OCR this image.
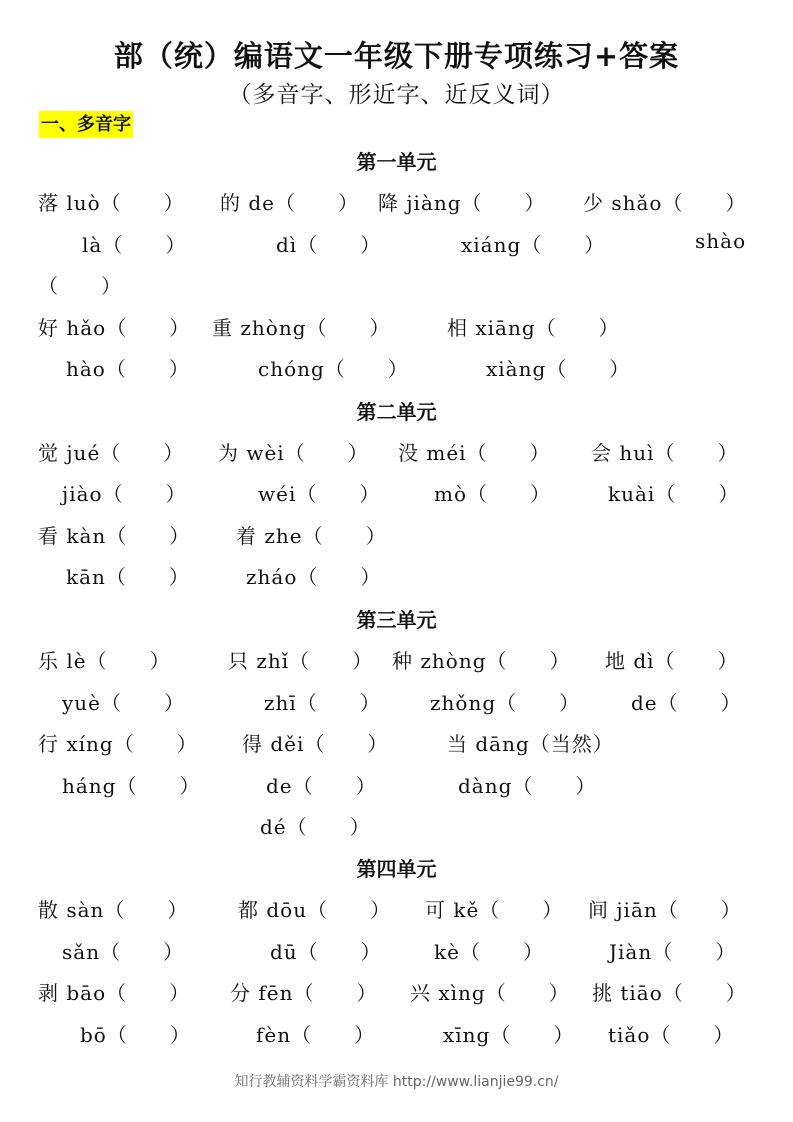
部（统）编语文一年级下册专项练习+答案
（多音字、形近字、近反义词）
一、多音字
第一单元
落 luò（　　） 的 de（　　） 降 jiàng（　　） 少 shǎo（　　）
là（　　）	dì（　　）	xiáng（　　）	shào
（　　）
好 hǎo（　　） 重 zhòng（　　）	相 xiāng（　　）
hào（　　）	chóng（　　）	xiàng（　　）
第二单元
觉 jué（　　） 为 wèi（　　） 没 méi（　　） 会 huì（　　）
jiào（　　）	wéi（　　）	mò（　　）	kuài（　　）
看 kàn（　　） 着 zhe（　　）
kān（　　）	zháo（　　）
第三单元
乐 lè（　　）	只 zhǐ（　　） 种 zhòng（　　） 地 dì（　　）
yuè（　　）	zhī（　　） zhǒng（　　）	de（　　）
行 xíng（　　） 得 děi（　　）	当 dāng（当然）
háng（　　）	de（　　）	dàng（　　）
dé（　　）
第四单元
散 sàn（　　） 都 dōu（　　） 可 kě（　　） 间 jiān（　　）
sǎn（　　）	dū（　　）	kè（　　）	Jiàn（　　）
剥 bāo（　　） 分 fēn（　　） 兴 xìng（　　） 挑 tiāo（　　）
bō（　　）	fèn（　　）	xīng（　　） tiǎo（　　）
知行教辅资料学霸资料库 http://www.lianjie99.cn/
